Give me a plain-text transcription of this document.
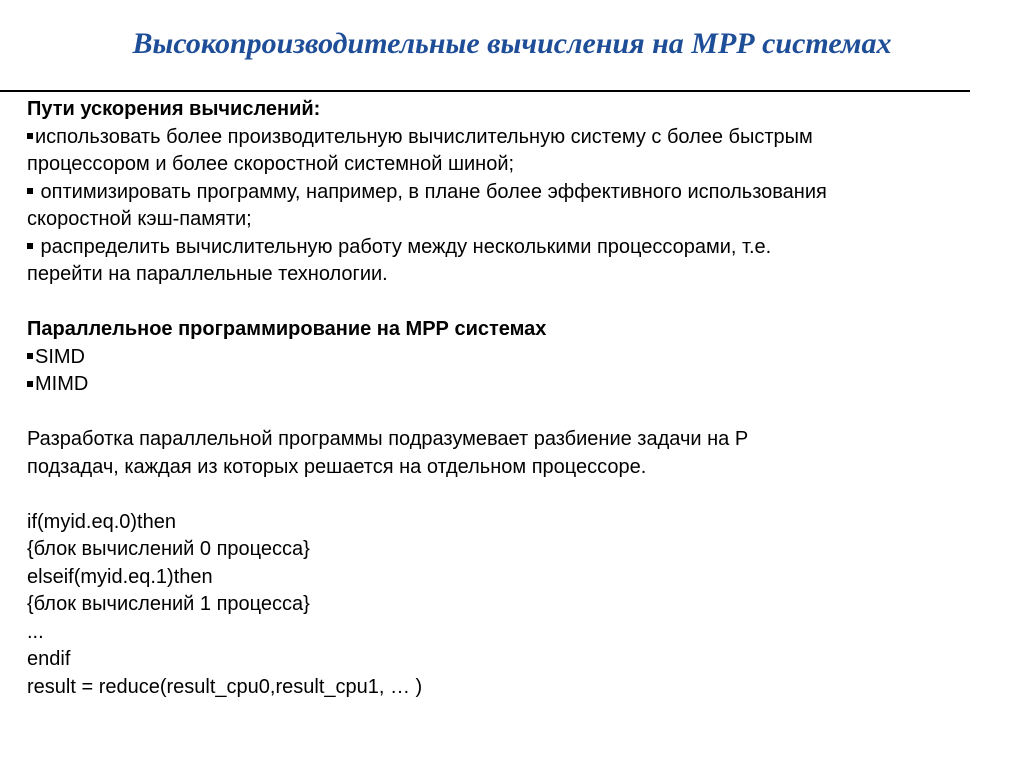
Высокопроизводительные вычисления на МРР системах
Пути ускорения вычислений:
использовать более производительную вычислительную систему с более быстрым
процессором и более скоростной системной шиной;
оптимизировать программу, например, в плане более эффективного использования
скоростной кэш-памяти;
распределить вычислительную работу между несколькими процессорами, т.е.
перейти на параллельные технологии.
Параллельное программирование на МРР системах
SIMD
MIMD
Разработка параллельной программы подразумевает разбиение задачи на P
подзадач, каждая из которых решается на отдельном процессоре.
if(myid.eq.0)then
{блок вычислений 0 процесса}
elseif(myid.eq.1)then
{блок вычислений 1 процесса}
...
endif
result = reduce(result_cpu0,result_cpu1, … )
